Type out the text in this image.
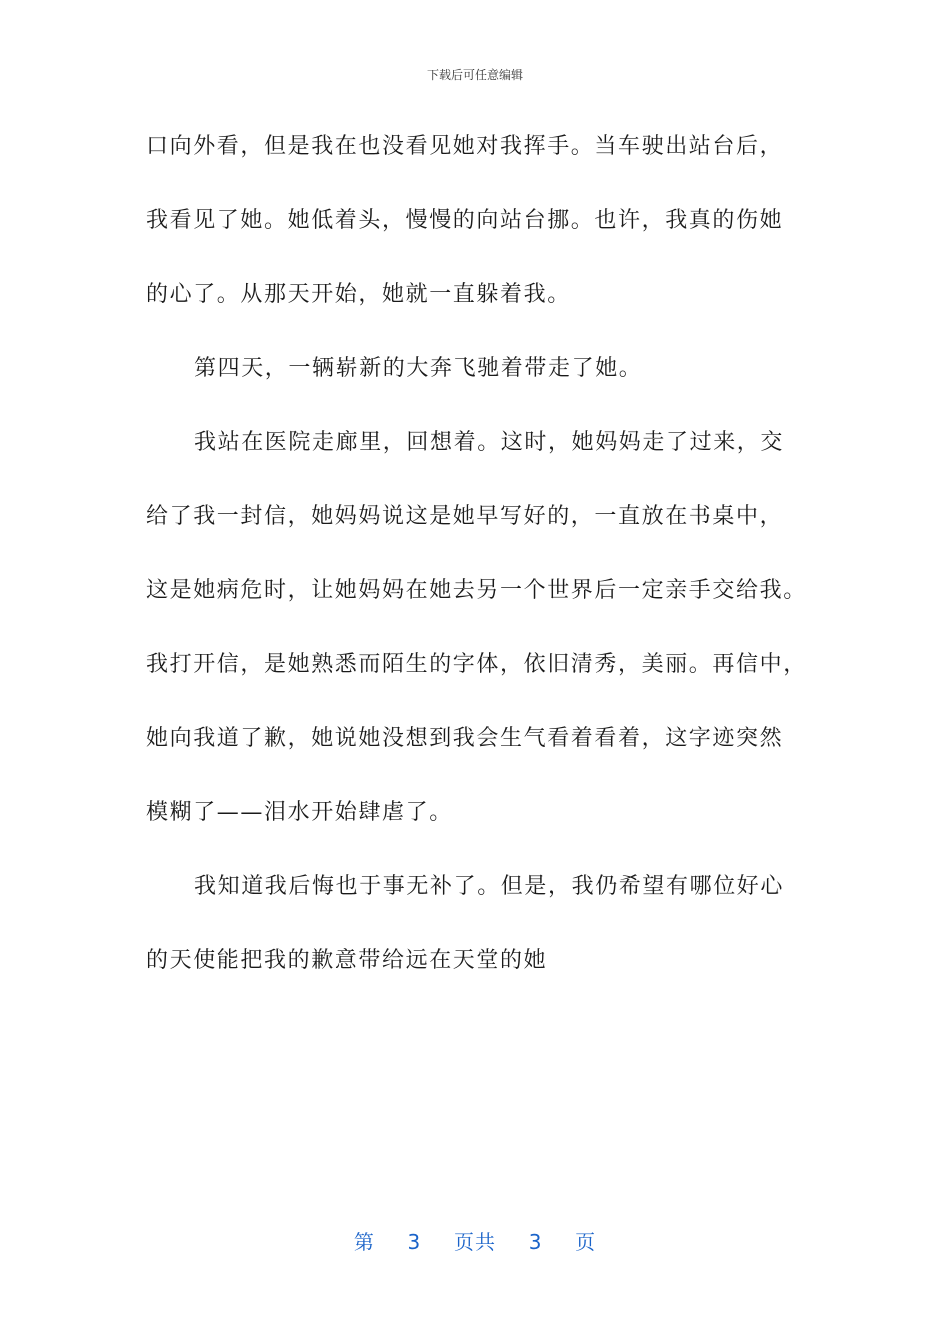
下载后可任意编辑
口向外看，但是我在也没看见她对我挥手。当车驶出站台后，
我看见了她。她低着头，慢慢的向站台挪。也许，我真的伤她
的心了。从那天开始，她就一直躲着我。
第四天，一辆崭新的大奔飞驰着带走了她。
我站在医院走廊里，回想着。这时，她妈妈走了过来，交
给了我一封信，她妈妈说这是她早写好的，一直放在书桌中，
这是她病危时，让她妈妈在她去另一个世界后一定亲手交给我。
我打开信，是她熟悉而陌生的字体，依旧清秀，美丽。再信中，
她向我道了歉，她说她没想到我会生气看着看着，这字迹突然
模糊了——泪水开始肆虐了。
我知道我后悔也于事无补了。但是，我仍希望有哪位好心
的天使能把我的歉意带给远在天堂的她
第 3 页共 3 页
